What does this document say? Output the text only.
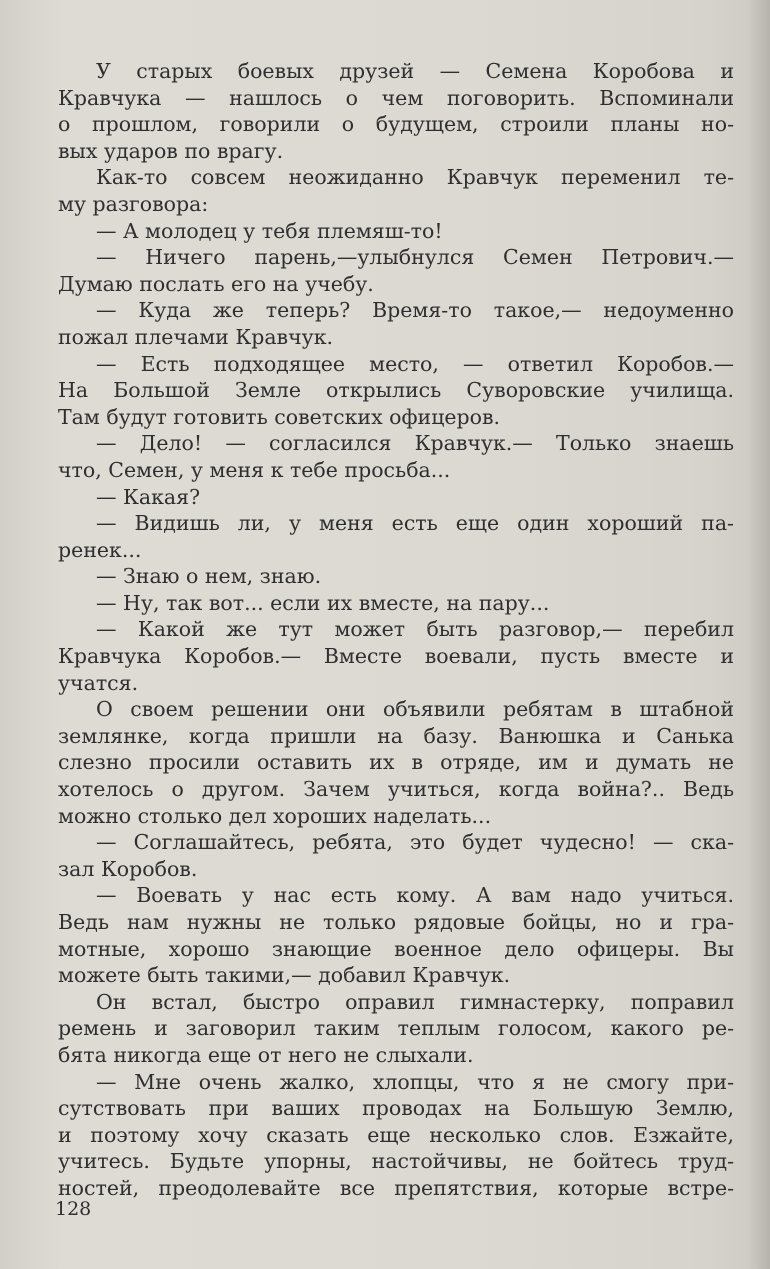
У старых боевых друзей — Семена Коробова и
Кравчука — нашлось о чем поговорить. Вспоминали
о прошлом, говорили о будущем, строили планы но-
вых ударов по врагу.
Как-то совсем неожиданно Кравчук переменил те-
му разговора:
— А молодец у тебя племяш-то!
— Ничего парень,—улыбнулся Семен Петрович.—
Думаю послать его на учебу.
— Куда же теперь? Время-то такое,— недоуменно
пожал плечами Кравчук.
— Есть подходящее место, — ответил Коробов.—
На Большой Земле открылись Суворовские училища.
Там будут готовить советских офицеров.
— Дело! — согласился Кравчук.— Только знаешь
что, Семен, у меня к тебе просьба...
— Какая?
— Видишь ли, у меня есть еще один хороший па-
ренек...
— Знаю о нем, знаю.
— Ну, так вот... если их вместе, на пару...
— Какой же тут может быть разговор,— перебил
Кравчука Коробов.— Вместе воевали, пусть вместе и
учатся.
О своем решении они объявили ребятам в штабной
землянке, когда пришли на базу. Ванюшка и Санька
слезно просили оставить их в отряде, им и думать не
хотелось о другом. Зачем учиться, когда война?.. Ведь
можно столько дел хороших наделать...
— Соглашайтесь, ребята, это будет чудесно! — ска-
зал Коробов.
— Воевать у нас есть кому. А вам надо учиться.
Ведь нам нужны не только рядовые бойцы, но и гра-
мотные, хорошо знающие военное дело офицеры. Вы
можете быть такими,— добавил Кравчук.
Он встал, быстро оправил гимнастерку, поправил
ремень и заговорил таким теплым голосом, какого ре-
бята никогда еще от него не слыхали.
— Мне очень жалко, хлопцы, что я не смогу при-
сутствовать при ваших проводах на Большую Землю,
и поэтому хочу сказать еще несколько слов. Езжайте,
учитесь. Будьте упорны, настойчивы, не бойтесь труд-
ностей, преодолевайте все препятствия, которые встре-
128
